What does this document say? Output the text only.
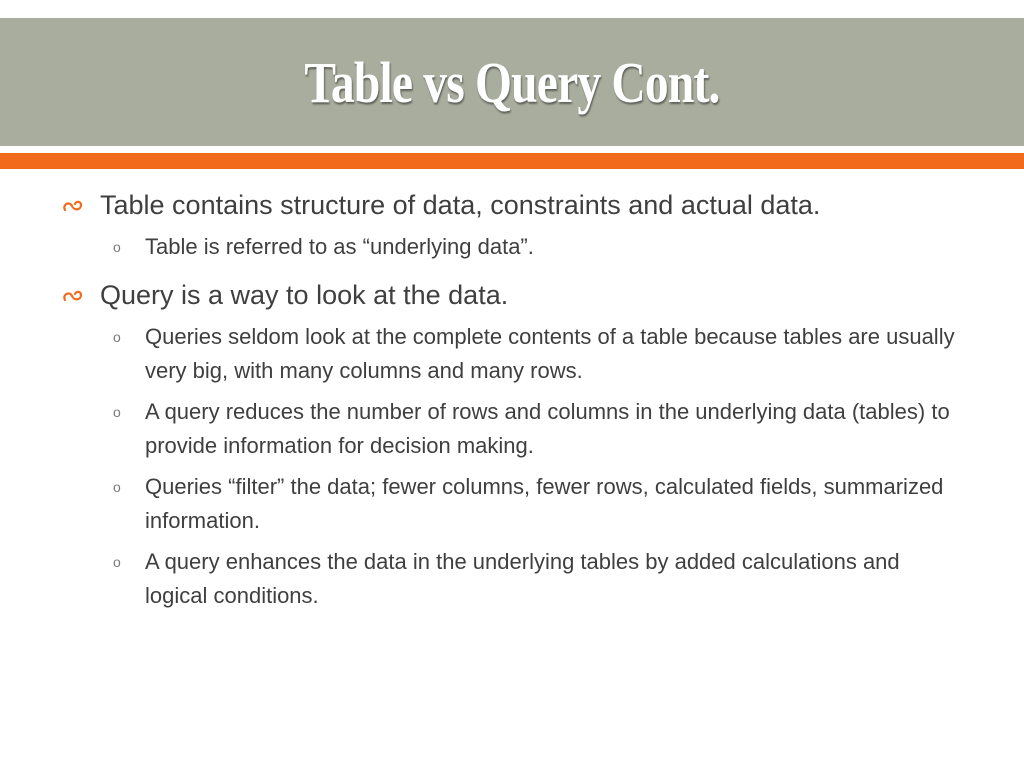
Table vs Query Cont.
Table contains structure of data, constraints and actual data.
o Table is referred to as “underlying data”.
Query is a way to look at the data.
o Queries seldom look at the complete contents of a table because tables are usually very big, with many columns and many rows.
o A query reduces the number of rows and columns in the underlying data (tables) to provide information for decision making.
o Queries “filter” the data; fewer columns, fewer rows, calculated fields, summarized information.
o A query enhances the data in the underlying tables by added calculations and logical conditions.
